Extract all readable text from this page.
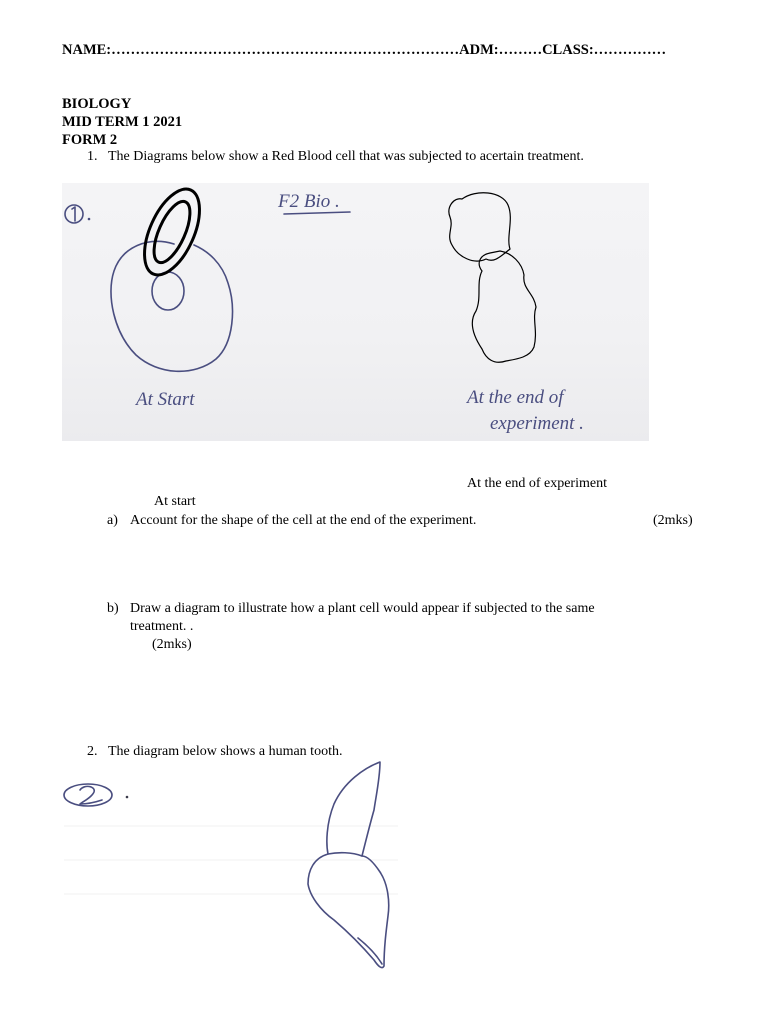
NAME:………………………………………………………………ADM:………CLASS:……………
BIOLOGY
MID TERM 1 2021
FORM 2
1. The Diagrams below show a Red Blood cell that was subjected to acertain treatment.
F2 Bio .
At Start	At the end of
experiment .
At the end of experiment
At start
a) Account for the shape of the cell at the end of the experiment.	(2mks)
b) Draw a diagram to illustrate how a plant cell would appear if subjected to the same
treatment. .
(2mks)
2. The diagram below shows a human tooth.
